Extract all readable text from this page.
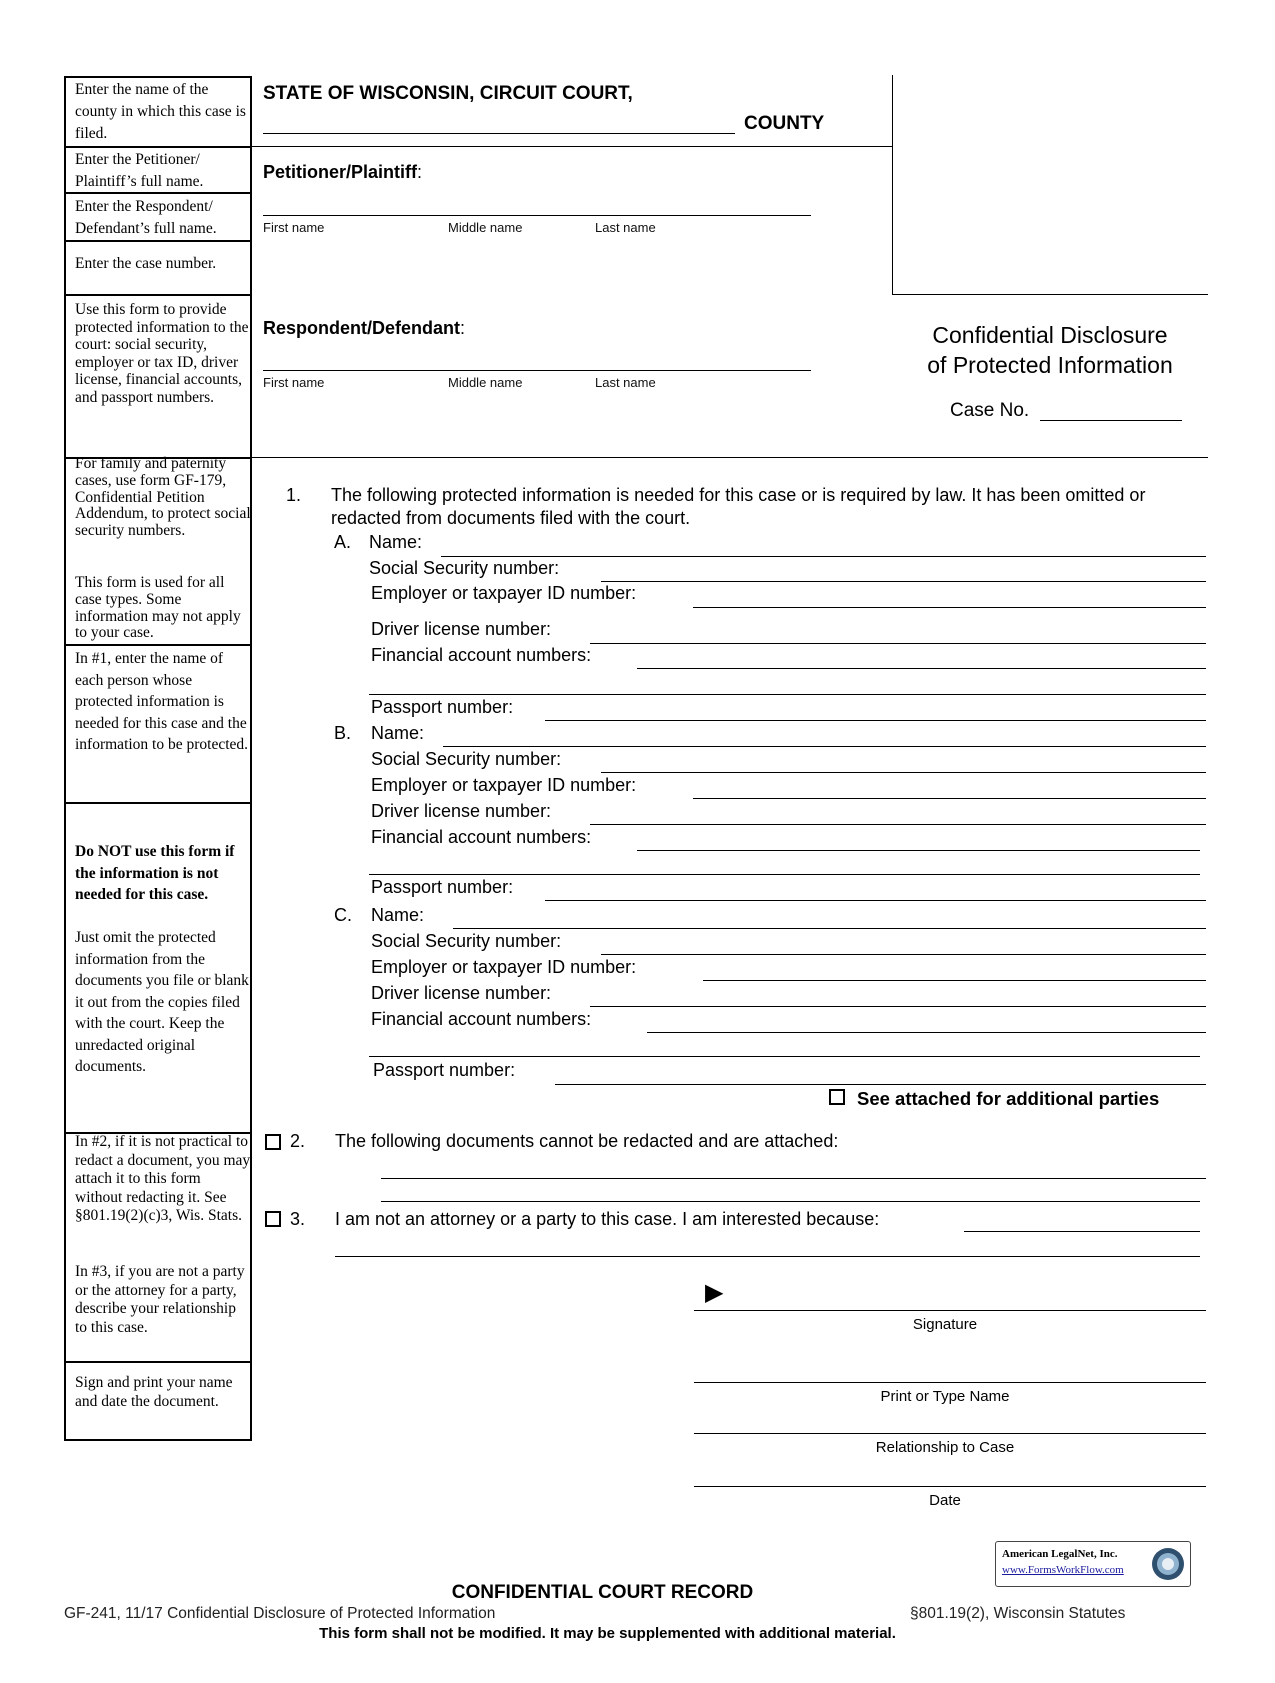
Enter the name of the county in which this case is filed.
Enter the Petitioner/ Plaintiff’s full name.
Enter the Respondent/ Defendant’s full name.
Enter the case number.
Use this form to provide protected information to the court: social security, employer or tax ID, driver license, financial accounts, and passport numbers.
For family and paternity cases, use form GF-179, Confidential Petition Addendum, to protect social security numbers.
This form is used for all case types. Some information may not apply to your case.
In #1, enter the name of each person whose protected information is needed for this case and the information to be protected.
Do NOT use this form if the information is not needed for this case.
Just omit the protected information from the documents you file or blank it out from the copies filed with the court. Keep the unredacted original documents.
In #2, if it is not practical to redact a document, you may attach it to this form without redacting it. See §801.19(2)(c)3, Wis. Stats.
In #3, if you are not a party or the attorney for a party, describe your relationship to this case.
Sign and print your name and date the document.
STATE OF WISCONSIN, CIRCUIT COURT,
COUNTY
Petitioner/Plaintiff:
First name	Middle name	Last name
Respondent/Defendant:
First name	Middle name	Last name
Confidential Disclosure
of Protected Information
Case No.
1. The following protected information is needed for this case or is required by law. It has been omitted or redacted from documents filed with the court.
A. Name:
Social Security number:
Employer or taxpayer ID number:
Driver license number:
Financial account numbers:
Passport number:
B. Name:
Social Security number:
Employer or taxpayer ID number:
Driver license number:
Financial account numbers:
Passport number:
C. Name:
Social Security number:
Employer or taxpayer ID number:
Driver license number:
Financial account numbers:
Passport number:
See attached for additional parties
2. The following documents cannot be redacted and are attached:
3. I am not an attorney or a party to this case. I am interested because:
▶
Signature
Print or Type Name
Relationship to Case
Date
American LegalNet, Inc.
www.FormsWorkFlow.com
CONFIDENTIAL COURT RECORD
GF-241, 11/17 Confidential Disclosure of Protected Information	§801.19(2), Wisconsin Statutes
This form shall not be modified. It may be supplemented with additional material.
